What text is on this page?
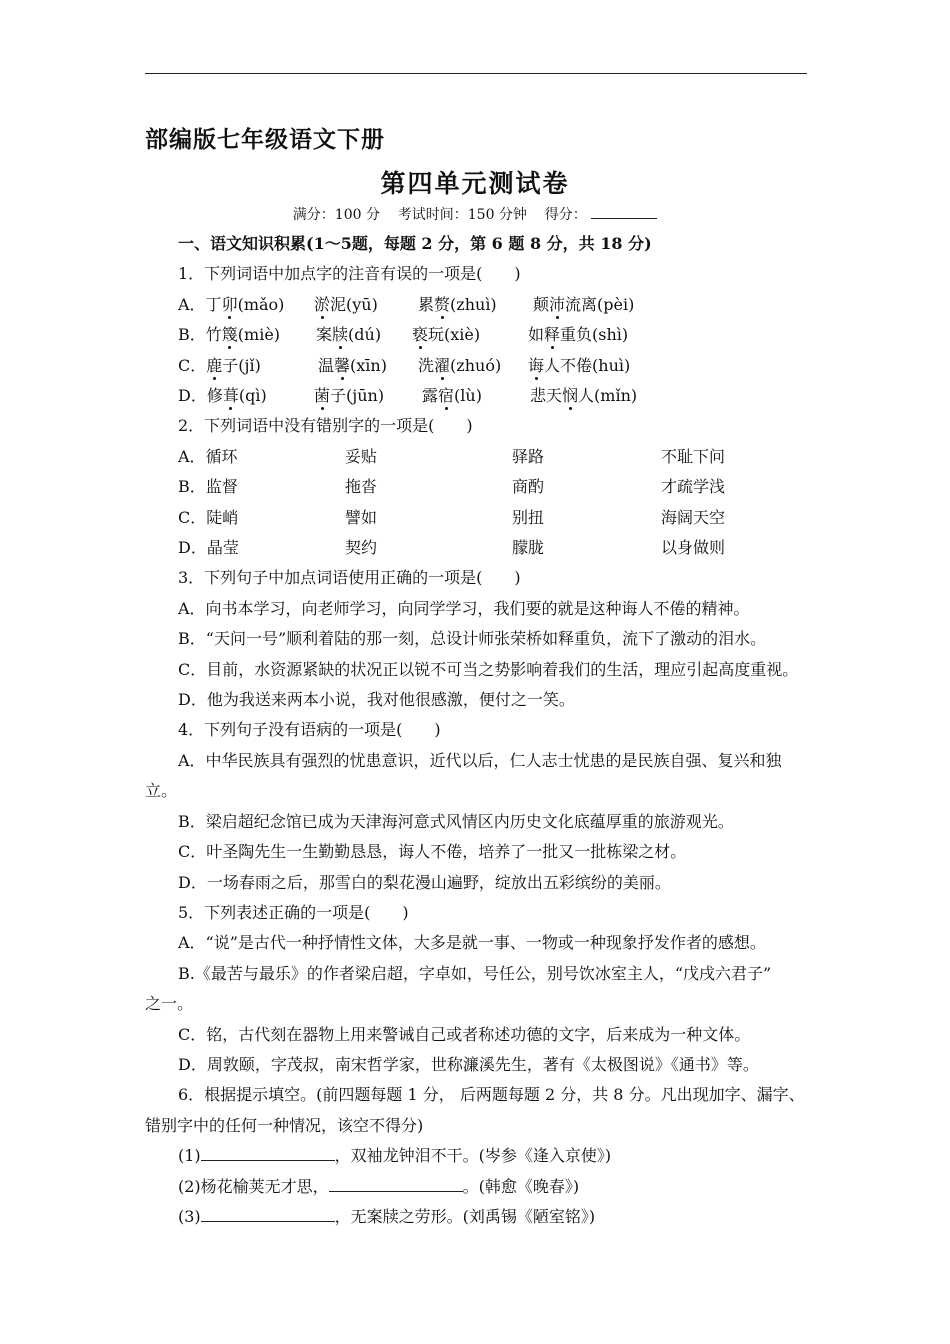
部编版七年级语文下册
第四单元测试卷
满分：100 分 考试时间：150 分钟 得分：
一、语文知识积累(1～5题，每题 2 分，第 6 题 8 分，共 18 分)
1．下列词语中加点字的注音有误的一项是(　　)
A．丁卯(mǎo) 淤泥(yū)	累赘(zhuì) 颠沛流离(pèi)
B．竹篾(miè) 案牍(dú) 亵玩(xiè)	如释重负(shì)
C．鹿子(jǐ)	温馨(xīn) 洗濯(zhuó) 诲人不倦(huì)
D．修葺(qì)	菌子(jūn) 露宿(lù)	悲天悯人(mǐn)
2．下列词语中没有错别字的一项是(　　)
A．循环	妥贴	驿路	不耻下问
B．监督	拖沓	商酌	才疏学浅
C．陡峭	譬如	别扭	海阔天空
D．晶莹	契约	朦胧	以身做则
3．下列句子中加点词语使用正确的一项是(　　)
A．向书本学习，向老师学习，向同学学习，我们要的就是这种诲人不倦的精神。
B．“天问一号”顺利着陆的那一刻，总设计师张荣桥如释重负，流下了激动的泪水。
C．目前，水资源紧缺的状况正以锐不可当之势影响着我们的生活，理应引起高度重视。
D．他为我送来两本小说，我对他很感激，便付之一笑。
4．下列句子没有语病的一项是(　　)
A．中华民族具有强烈的忧患意识，近代以后，仁人志士忧患的是民族自强、复兴和独
立。
B．梁启超纪念馆已成为天津海河意式风情区内历史文化底蕴厚重的旅游观光。
C．叶圣陶先生一生勤勤恳恳，诲人不倦，培养了一批又一批栋梁之材。
D．一场春雨之后，那雪白的梨花漫山遍野，绽放出五彩缤纷的美丽。
5．下列表述正确的一项是(　　)
A．“说”是古代一种抒情性文体，大多是就一事、一物或一种现象抒发作者的感想。
B.《最苦与最乐》的作者梁启超，字卓如，号任公，别号饮冰室主人，“戊戌六君子”
之一。
C．铭，古代刻在器物上用来警诫自己或者称述功德的文字，后来成为一种文体。
D．周敦颐，字茂叔，南宋哲学家，世称濂溪先生，著有《太极图说》《通书》等。
6．根据提示填空。(前四题每题 1 分， 后两题每题 2 分，共 8 分。凡出现加字、漏字、
错别字中的任何一种情况，该空不得分)
(1)	，双袖龙钟泪不干。(岑参《逢入京使》)
(2)杨花榆荚无才思，	。(韩愈《晚春》)
(3)	，无案牍之劳形。(刘禹锡《陋室铭》)
